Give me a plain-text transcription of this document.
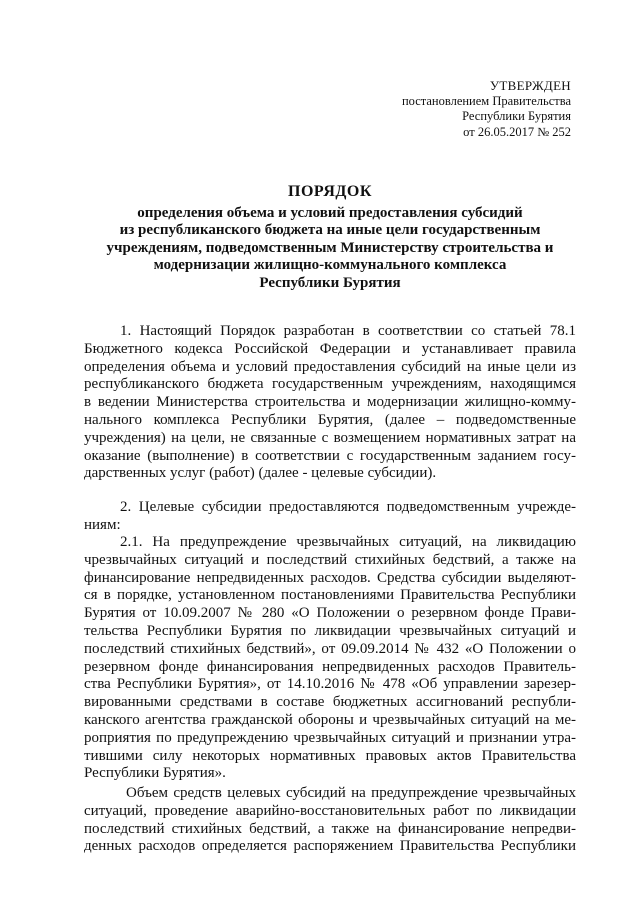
УТВЕРЖДЕН
постановлением Правительства
Республики Бурятия
от 26.05.2017 № 252
ПОРЯДОК
определения объема и условий предоставления субсидий
из республиканского бюджета на иные цели государственным
учреждениям, подведомственным Министерству строительства и
модернизации жилищно-коммунального комплекса
Республики Бурятия
1. Настоящий Порядок разработан в соответствии со статьей 78.1
Бюджетного кодекса Российской Федерации и устанавливает правила
определения объема и условий предоставления субсидий на иные цели из
республиканского бюджета государственным учреждениям, находящимся
в ведении Министерства строительства и модернизации жилищно-комму-
нального комплекса Республики Бурятия, (далее – подведомственные
учреждения) на цели, не связанные с возмещением нормативных затрат на
оказание (выполнение) в соответствии с государственным заданием госу-
дарственных услуг (работ) (далее - целевые субсидии).
2. Целевые субсидии предоставляются подведомственным учрежде-
ниям:
2.1. На предупреждение чрезвычайных ситуаций, на ликвидацию
чрезвычайных ситуаций и последствий стихийных бедствий, а также на
финансирование непредвиденных расходов. Средства субсидии выделяют-
ся в порядке, установленном постановлениями Правительства Республики
Бурятия от 10.09.2007 № 280 «О Положении о резервном фонде Прави-
тельства Республики Бурятия по ликвидации чрезвычайных ситуаций и
последствий стихийных бедствий», от 09.09.2014 № 432 «О Положении о
резервном фонде финансирования непредвиденных расходов Правитель-
ства Республики Бурятия», от 14.10.2016 № 478 «Об управлении зарезер-
вированными средствами в составе бюджетных ассигнований республи-
канского агентства гражданской обороны и чрезвычайных ситуаций на ме-
роприятия по предупреждению чрезвычайных ситуаций и признании утра-
тившими силу некоторых нормативных правовых актов Правительства
Республики Бурятия».
Объем средств целевых субсидий на предупреждение чрезвычайных
ситуаций, проведение аварийно-восстановительных работ по ликвидации
последствий стихийных бедствий, а также на финансирование непредви-
денных расходов определяется распоряжением Правительства Республики
